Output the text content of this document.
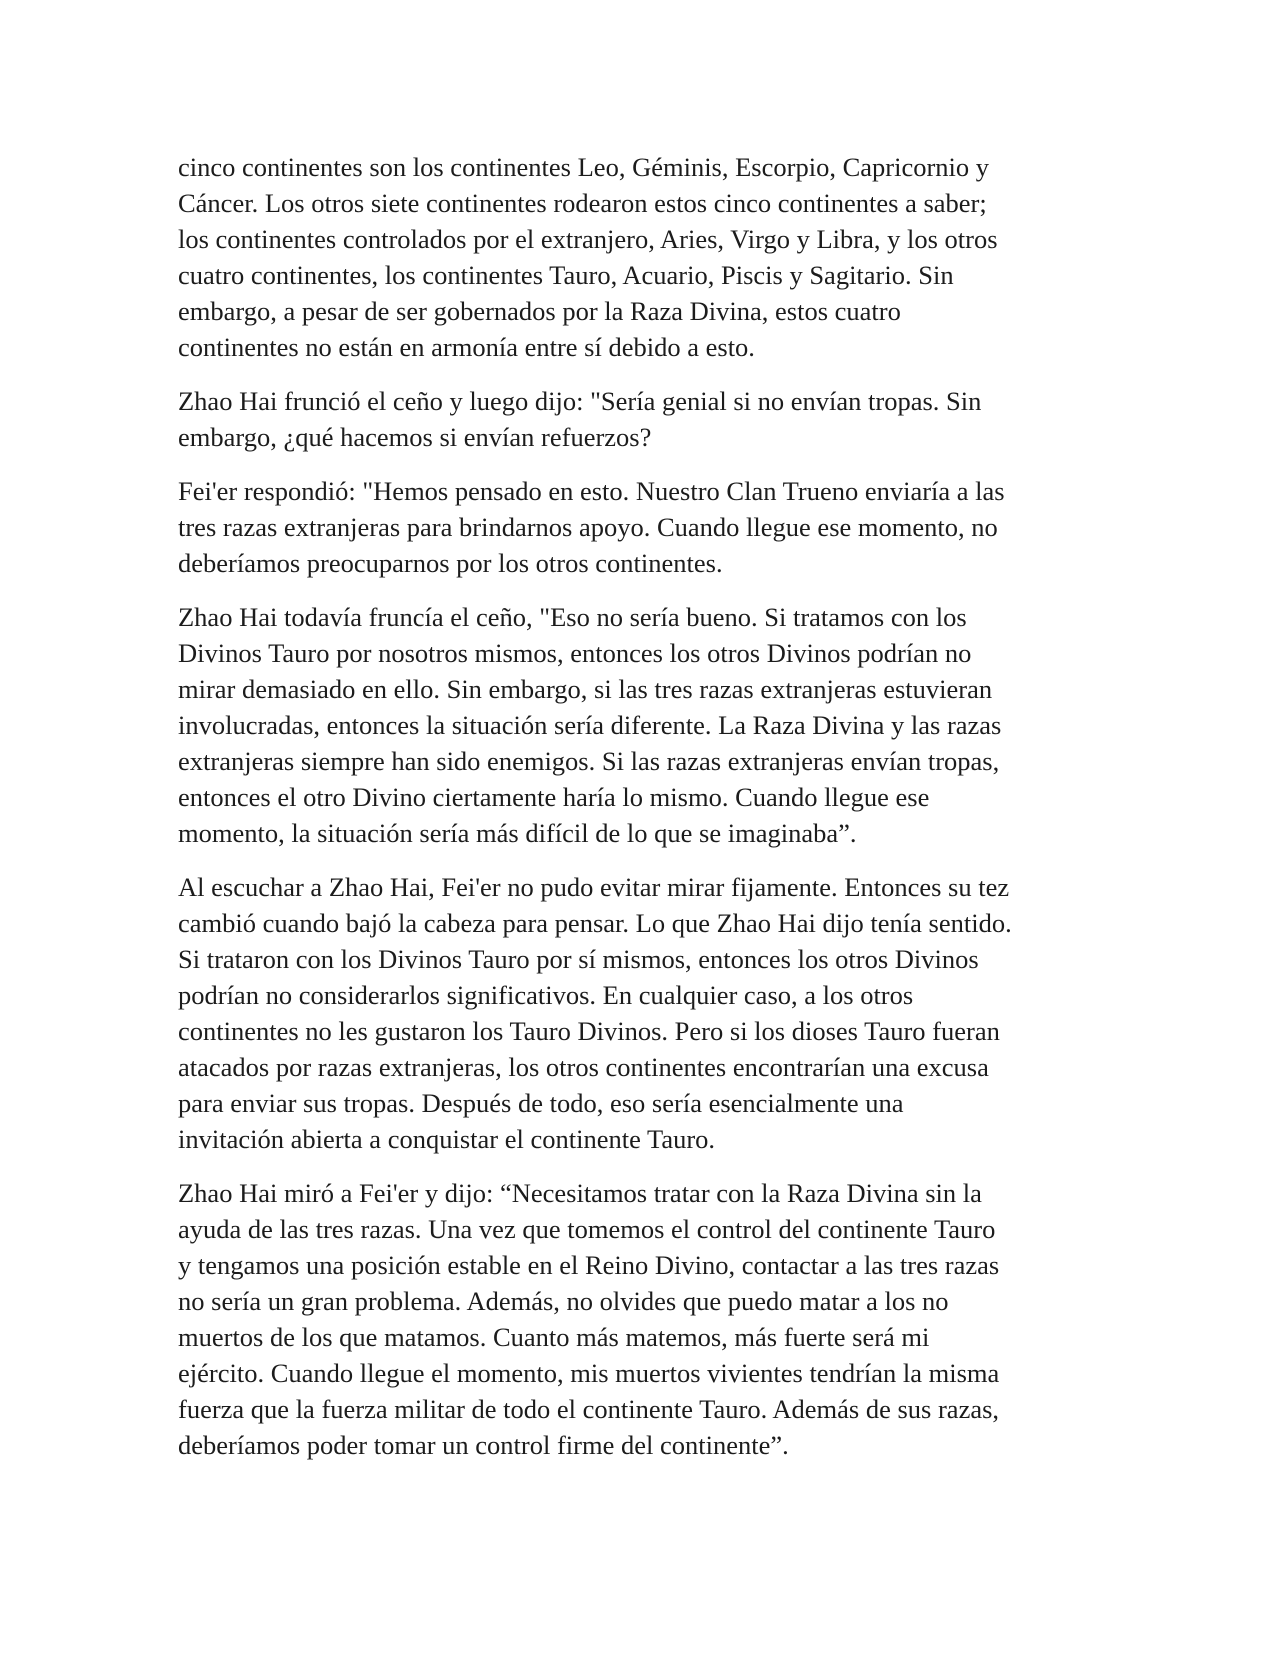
cinco continentes son los continentes Leo, Géminis, Escorpio, Capricornio y
Cáncer. Los otros siete continentes rodearon estos cinco continentes a saber;
los continentes controlados por el extranjero, Aries, Virgo y Libra, y los otros
cuatro continentes, los continentes Tauro, Acuario, Piscis y Sagitario. Sin
embargo, a pesar de ser gobernados por la Raza Divina, estos cuatro
continentes no están en armonía entre sí debido a esto.

Zhao Hai frunció el ceño y luego dijo: "Sería genial si no envían tropas. Sin
embargo, ¿qué hacemos si envían refuerzos?

Fei'er respondió: "Hemos pensado en esto. Nuestro Clan Trueno enviaría a las
tres razas extranjeras para brindarnos apoyo. Cuando llegue ese momento, no
deberíamos preocuparnos por los otros continentes.

Zhao Hai todavía fruncía el ceño, "Eso no sería bueno. Si tratamos con los
Divinos Tauro por nosotros mismos, entonces los otros Divinos podrían no
mirar demasiado en ello. Sin embargo, si las tres razas extranjeras estuvieran
involucradas, entonces la situación sería diferente. La Raza Divina y las razas
extranjeras siempre han sido enemigos. Si las razas extranjeras envían tropas,
entonces el otro Divino ciertamente haría lo mismo. Cuando llegue ese
momento, la situación sería más difícil de lo que se imaginaba”.

Al escuchar a Zhao Hai, Fei'er no pudo evitar mirar fijamente. Entonces su tez
cambió cuando bajó la cabeza para pensar. Lo que Zhao Hai dijo tenía sentido.
Si trataron con los Divinos Tauro por sí mismos, entonces los otros Divinos
podrían no considerarlos significativos. En cualquier caso, a los otros
continentes no les gustaron los Tauro Divinos. Pero si los dioses Tauro fueran
atacados por razas extranjeras, los otros continentes encontrarían una excusa
para enviar sus tropas. Después de todo, eso sería esencialmente una
invitación abierta a conquistar el continente Tauro.

Zhao Hai miró a Fei'er y dijo: “Necesitamos tratar con la Raza Divina sin la
ayuda de las tres razas. Una vez que tomemos el control del continente Tauro
y tengamos una posición estable en el Reino Divino, contactar a las tres razas
no sería un gran problema. Además, no olvides que puedo matar a los no
muertos de los que matamos. Cuanto más matemos, más fuerte será mi
ejército. Cuando llegue el momento, mis muertos vivientes tendrían la misma
fuerza que la fuerza militar de todo el continente Tauro. Además de sus razas,
deberíamos poder tomar un control firme del continente”.
